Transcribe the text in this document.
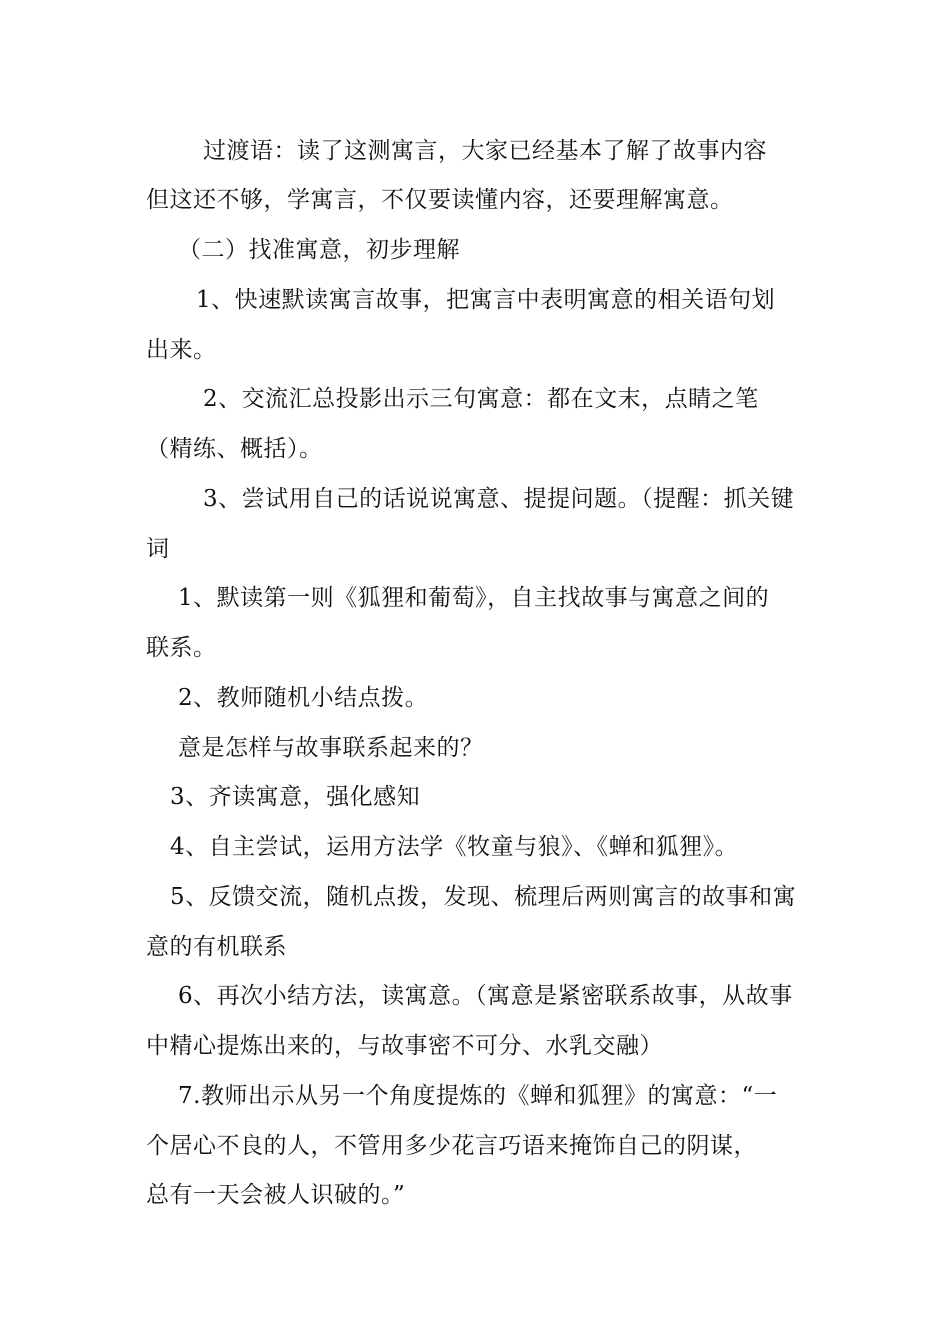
过渡语：读了这测寓言，大家已经基本了解了故事内容
但这还不够，学寓言，不仅要读懂内容，还要理解寓意。
（二）找准寓意，初步理解
1、快速默读寓言故事，把寓言中表明寓意的相关语句划
出来。
2、交流汇总投影出示三句寓意：都在文末，点睛之笔
（精练、概括）。
3、尝试用自己的话说说寓意、提提问题。（提醒：抓关键
词
1、默读第一则《狐狸和葡萄》，自主找故事与寓意之间的
联系。
2、教师随机小结点拨。
意是怎样与故事联系起来的？
3、齐读寓意，强化感知
4、自主尝试，运用方法学《牧童与狼》、《蝉和狐狸》。
5、反馈交流，随机点拨，发现、梳理后两则寓言的故事和寓
意的有机联系
6、再次小结方法，读寓意。（寓意是紧密联系故事，从故事
中精心提炼出来的，与故事密不可分、水乳交融）
7.教师出示从另一个角度提炼的《蝉和狐狸》的寓意：“一
个居心不良的人，不管用多少花言巧语来掩饰自己的阴谋，
总有一天会被人识破的。”
